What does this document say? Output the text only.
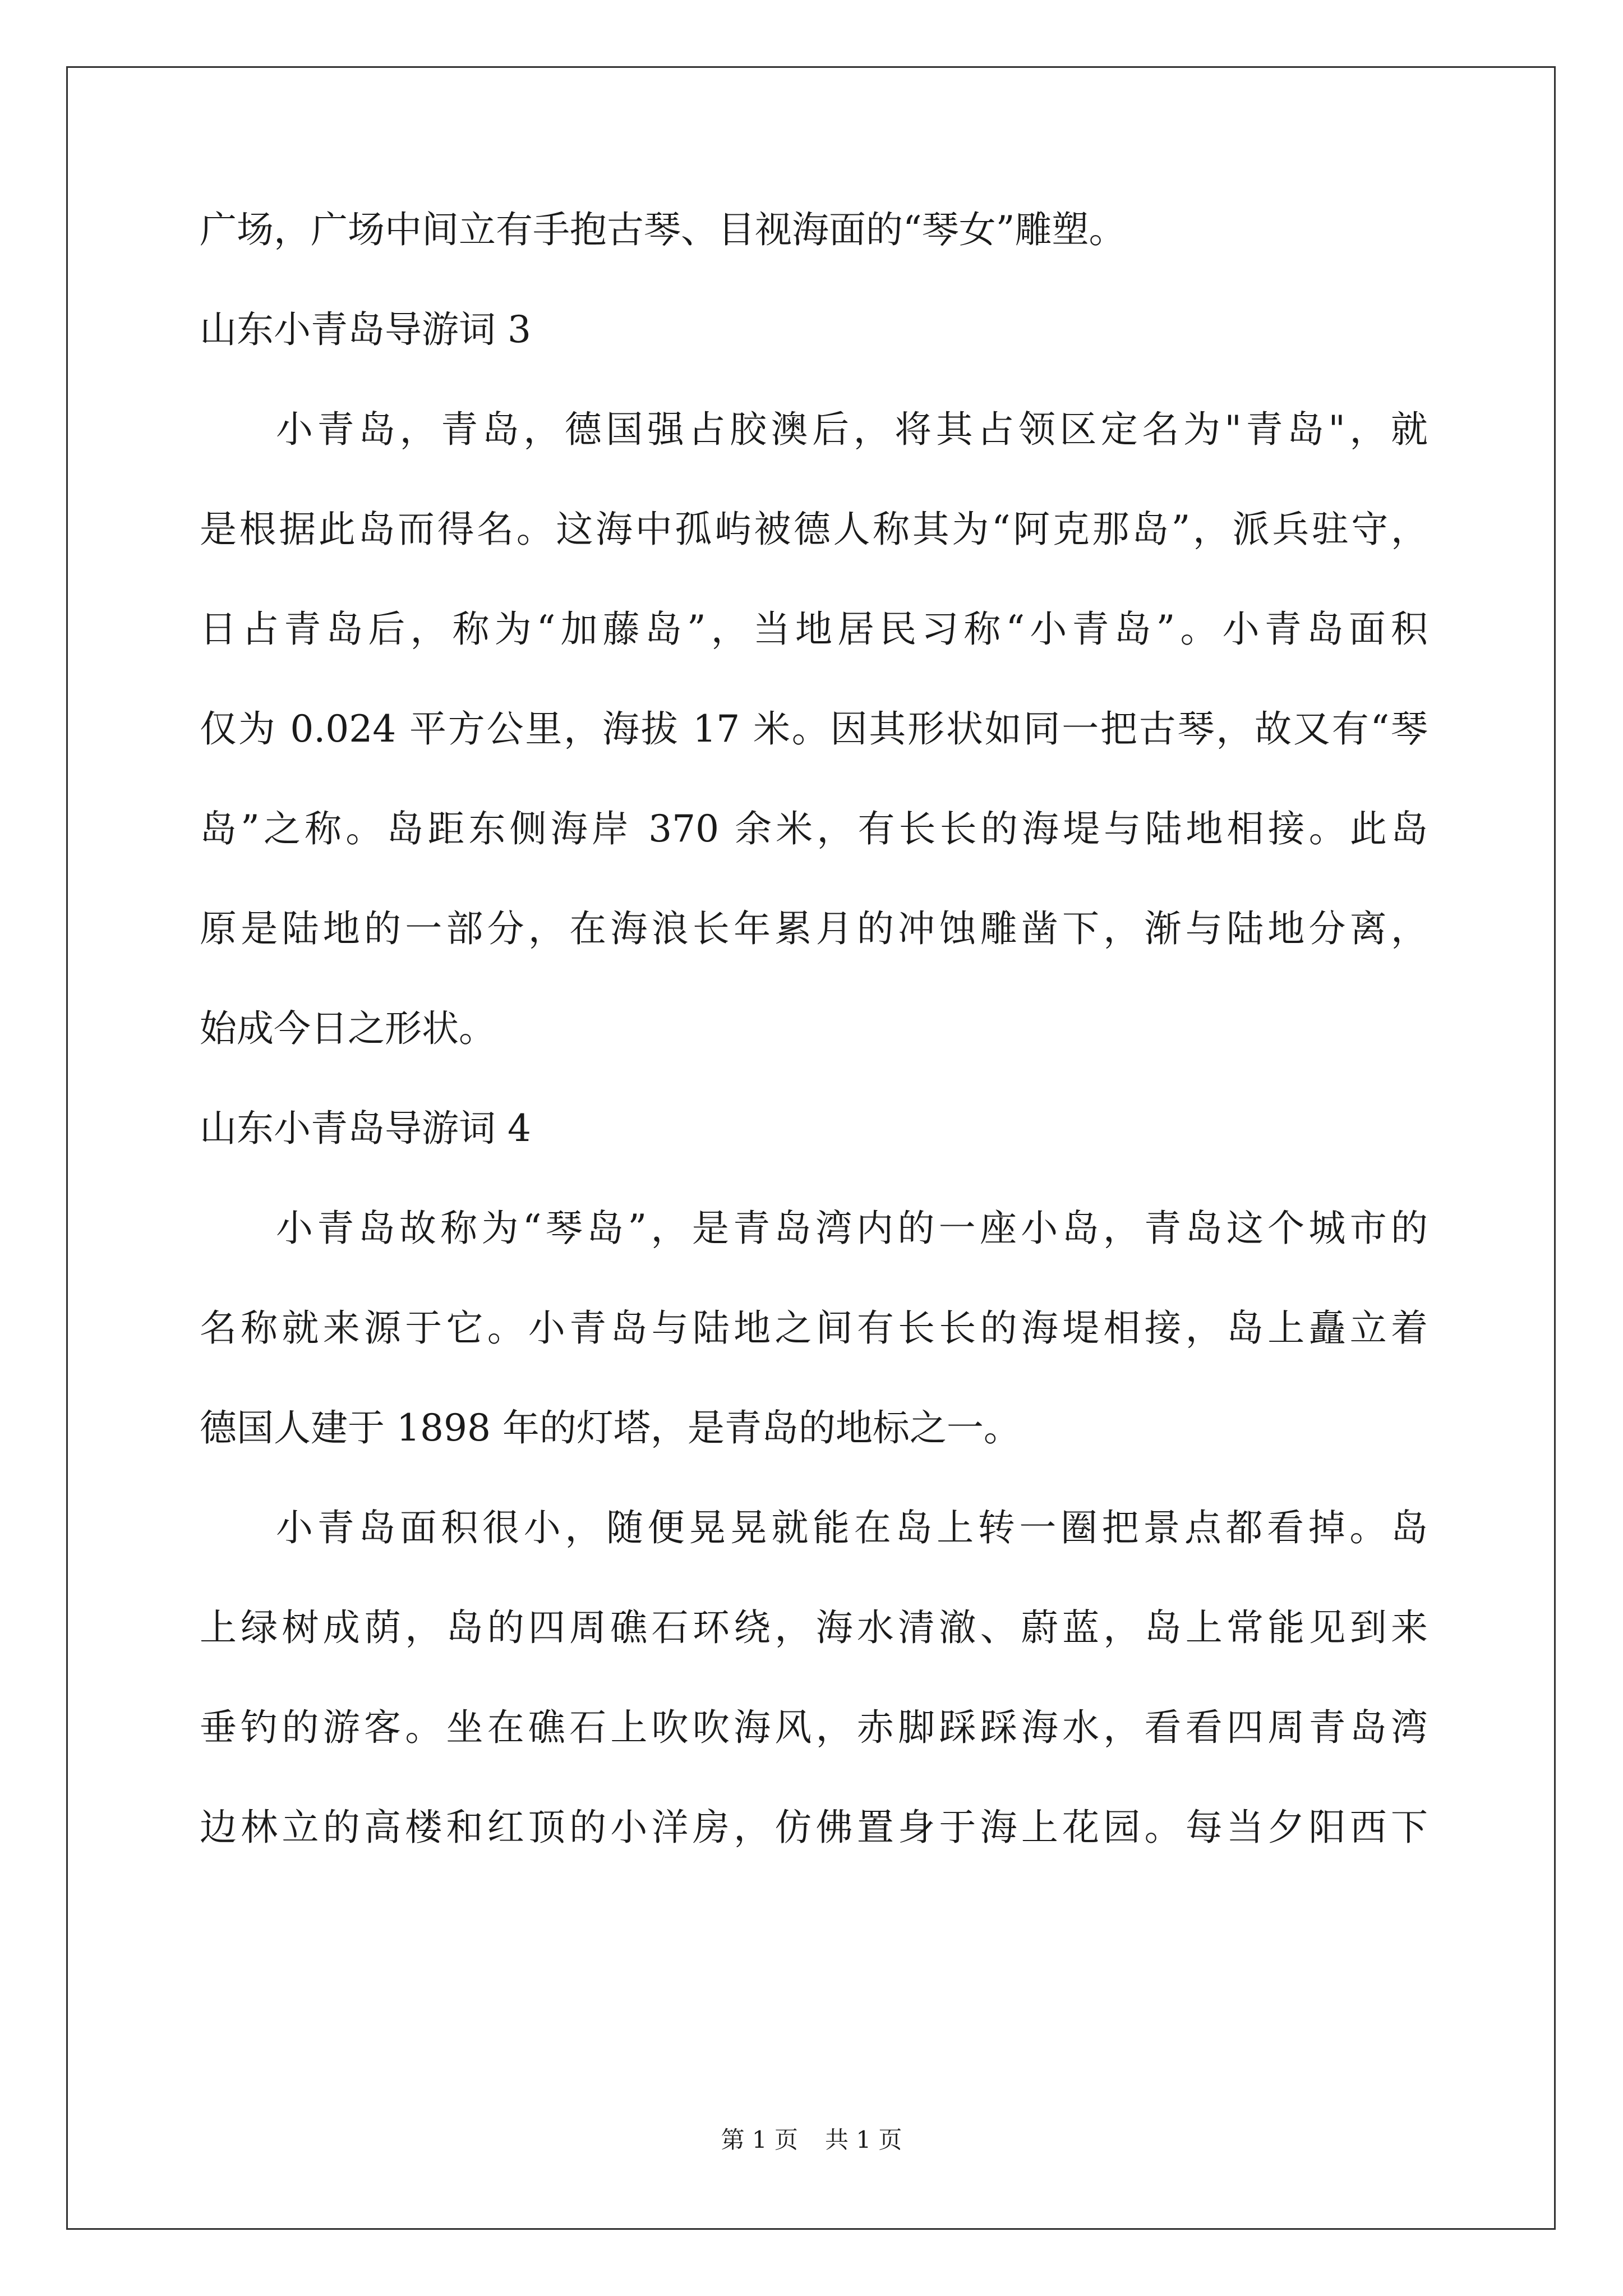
广场，广场中间立有手抱古琴、目视海面的“琴女”雕塑。
山东小青岛导游词 3
小青岛，青岛，德国强占胶澳后，将其占领区定名为"青岛"，就
是根据此岛而得名。这海中孤屿被德人称其为“阿克那岛”，派兵驻守，
日占青岛后，称为“加藤岛”，当地居民习称“小青岛”。小青岛面积
仅为 0.024 平方公里，海拔 17 米。因其形状如同一把古琴，故又有“琴
岛”之称。岛距东侧海岸 370 余米，有长长的海堤与陆地相接。此岛
原是陆地的一部分，在海浪长年累月的冲蚀雕凿下，渐与陆地分离，
始成今日之形状。
山东小青岛导游词 4
小青岛故称为“琴岛”，是青岛湾内的一座小岛，青岛这个城市的
名称就来源于它。小青岛与陆地之间有长长的海堤相接，岛上矗立着
德国人建于 1898 年的灯塔，是青岛的地标之一。
小青岛面积很小，随便晃晃就能在岛上转一圈把景点都看掉。岛
上绿树成荫，岛的四周礁石环绕，海水清澈、蔚蓝，岛上常能见到来
垂钓的游客。坐在礁石上吹吹海风，赤脚踩踩海水，看看四周青岛湾
边林立的高楼和红顶的小洋房，仿佛置身于海上花园。每当夕阳西下
第 1 页 共 1 页
